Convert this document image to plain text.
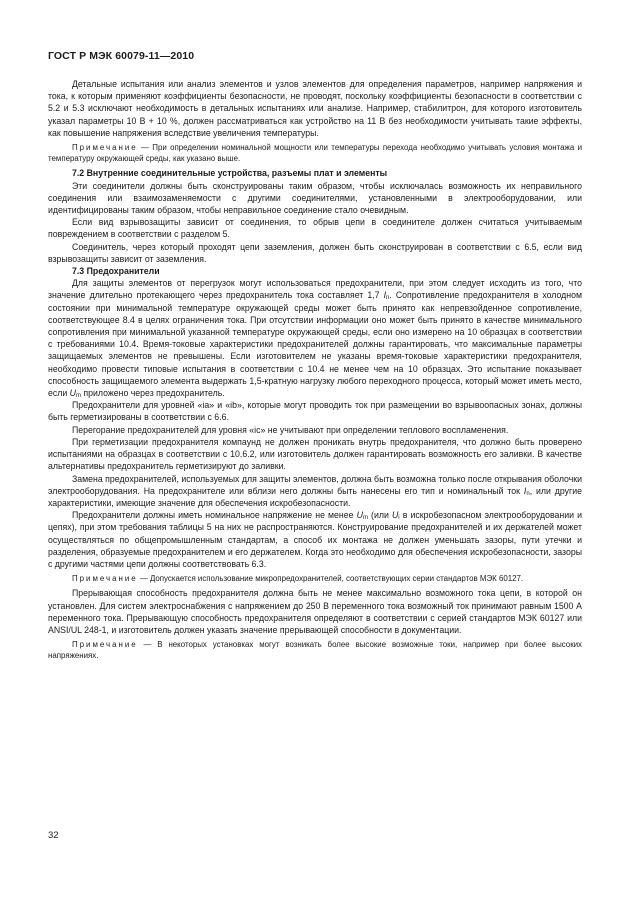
ГОСТ Р МЭК 60079-11—2010

Детальные испытания или анализ элементов и узлов элементов для определения параметров, например напряжения и тока, к которым применяют коэффициенты безопасности, не проводят, поскольку коэффициенты безопасности в соответствии с 5.2 и 5.3 исключают необходимость в детальных испытаниях или анализе. Например, стабилитрон, для которого изготовитель указал параметры 10 В + 10 %, должен рассматриваться как устройство на 11 В без необходимости учитывать такие эффекты, как повышение напряжения вследствие увеличения температуры.

Примечание — При определении номинальной мощности или температуры перехода необходимо учитывать условия монтажа и температуру окружающей среды, как указано выше.

7.2 Внутренние соединительные устройства, разъемы плат и элементы

Эти соединители должны быть сконструированы таким образом, чтобы исключалась возможность их неправильного соединения или взаимозаменяемости с другими соединителями, установленными в электрооборудовании, или идентифицированы таким образом, чтобы неправильное соединение стало очевидным.

Если вид взрывозащиты зависит от соединения, то обрыв цепи в соединителе должен считаться учитываемым повреждением в соответствии с разделом 5.

Соединитель, через который проходят цепи заземления, должен быть сконструирован в соответствии с 6.5, если вид взрывозащиты зависит от заземления.

7.3 Предохранители

Для защиты элементов от перегрузок могут использоваться предохранители, при этом следует исходить из того, что значение длительно протекающего через предохранитель тока составляет 1,7 $I_n$. Сопротивление предохранителя в холодном состоянии при минимальной температуре окружающей среды может быть принято как непревзойденное сопротивление, соответствующее 8.4 в целях ограничения тока. При отсутствии информации оно может быть принято в качестве минимального сопротивления при минимальной указанной температуре окружающей среды, если оно измерено на 10 образцах в соответствии с требованиями 10.4. Время-токовые характеристики предохранителей должны гарантировать, что максимальные параметры защищаемых элементов не превышены. Если изготовителем не указаны время-токовые характеристики предохранителя, необходимо провести типовые испытания в соответствии с 10.4 не менее чем на 10 образцах. Это испытание показывает способность защищаемого элемента выдержать 1,5-кратную нагрузку любого переходного процесса, который может иметь место, если $U_m$ приложено через предохранитель.

Предохранители для уровней «ia» и «ib», которые могут проводить ток при размещении во взрывоопасных зонах, должны быть герметизированы в соответствии с 6.6.

Перегорание предохранителей для уровня «ic» не учитывают при определении теплового воспламенения.

При герметизации предохранителя компаунд не должен проникать внутрь предохранителя, что должно быть проверено испытаниями на образцах в соответствии с 10.6.2, или изготовитель должен гарантировать возможность его заливки. В качестве альтернативы предохранитель герметизируют до заливки.

Замена предохранителей, используемых для защиты элементов, должна быть возможна только после открывания оболочки электрооборудования. На предохранителе или вблизи него должны быть нанесены его тип и номинальный ток $I_n$, или другие характеристики, имеющие значение для обеспечения искробезопасности.

Предохранители должны иметь номинальное напряжение не менее $U_m$ (или $U_i$ в искробезопасном электрооборудовании и цепях), при этом требования таблицы 5 на них не распространяются. Конструирование предохранителей и их держателей может осуществляться по общепромышленным стандартам, а способ их монтажа не должен уменьшать зазоры, пути утечки и разделения, образуемые предохранителем и его держателем. Когда это необходимо для обеспечения искробезопасности, зазоры с другими частями цепи должны соответствовать 6.3.

Примечание — Допускается использование микропредохранителей, соответствующих серии стандартов МЭК 60127.

Прерывающая способность предохранителя должна быть не менее максимально возможного тока цепи, в которой он установлен. Для систем электроснабжения с напряжением до 250 В переменного тока возможный ток принимают равным 1500 А переменного тока. Прерывающую способность предохранителя определяют в соответствии с серией стандартов МЭК 60127 или ANSI/UL 248-1, и изготовитель должен указать значение прерывающей способности в документации.

Примечание — В некоторых установках могут возникать более высокие возможные токи, например при более высоких напряжениях.

32
